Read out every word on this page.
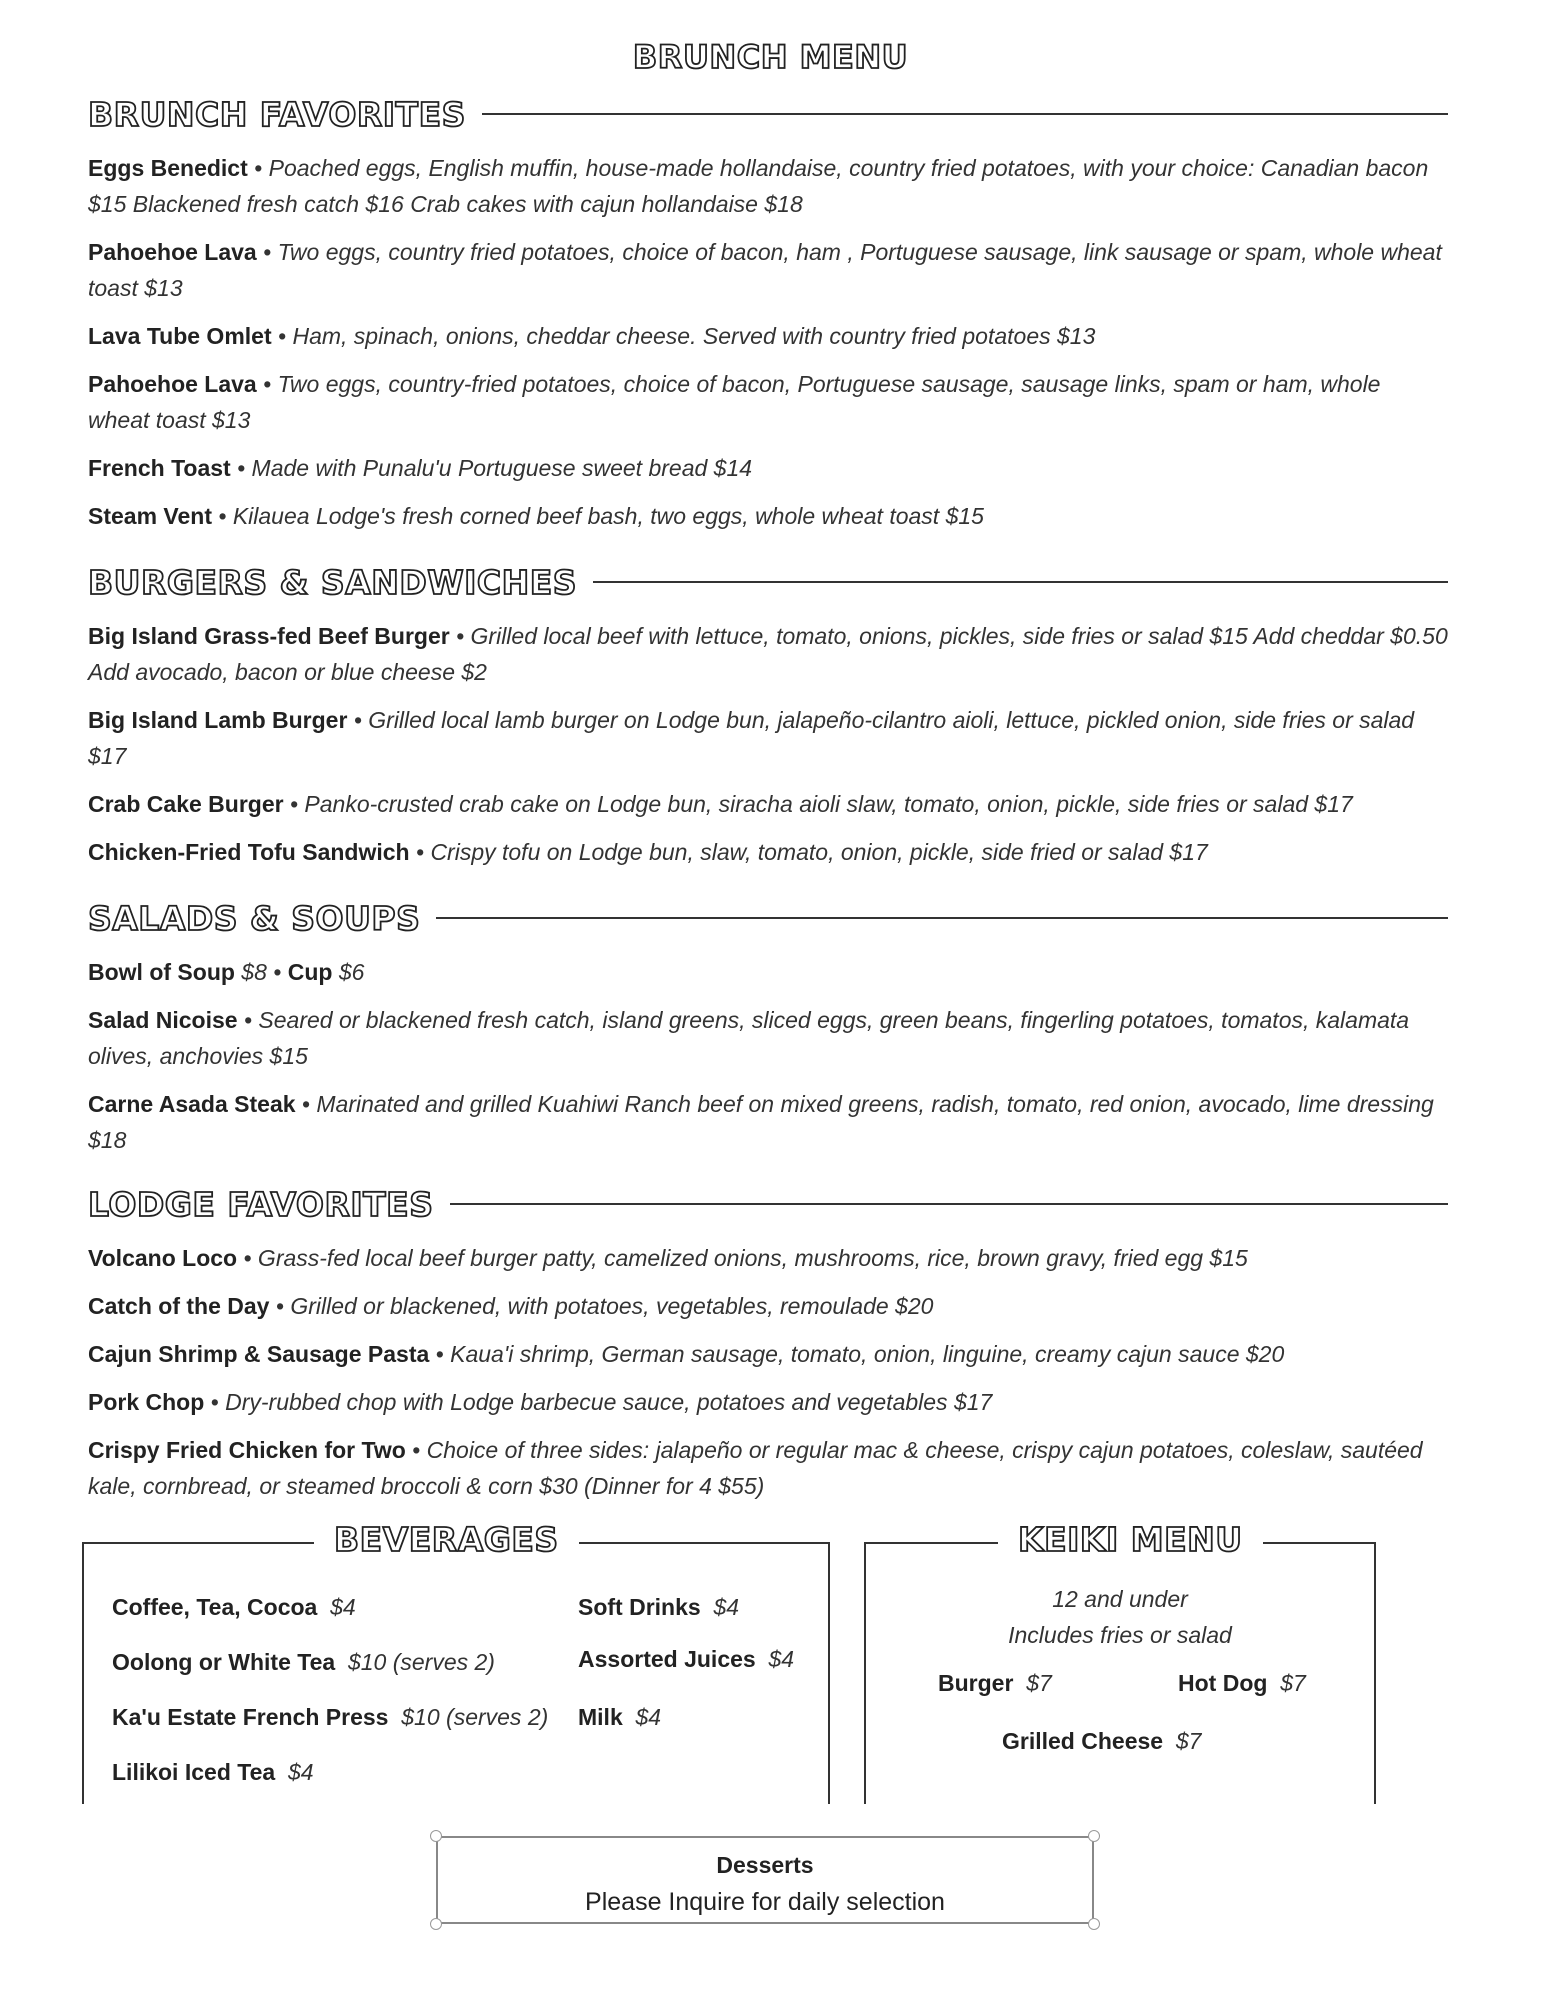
BRUNCH MENU
BRUNCH FAVORITES
Eggs Benedict • Poached eggs, English muffin, house-made hollandaise, country fried potatoes, with your choice: Canadian bacon $15 Blackened fresh catch $16 Crab cakes with cajun hollandaise $18
Pahoehoe Lava • Two eggs, country fried potatoes, choice of bacon, ham , Portuguese sausage, link sausage or spam, whole wheat toast $13
Lava Tube Omlet • Ham, spinach, onions, cheddar cheese. Served with country fried potatoes $13
Pahoehoe Lava • Two eggs, country-fried potatoes, choice of bacon, Portuguese sausage, sausage links, spam or ham, whole wheat toast $13
French Toast • Made with Punalu'u Portuguese sweet bread $14
Steam Vent • Kilauea Lodge's fresh corned beef bash, two eggs, whole wheat toast $15
BURGERS & SANDWICHES
Big Island Grass-fed Beef Burger • Grilled local beef with lettuce, tomato, onions, pickles, side fries or salad $15 Add cheddar $0.50 Add avocado, bacon or blue cheese $2
Big Island Lamb Burger • Grilled local lamb burger on Lodge bun, jalapeño-cilantro aioli, lettuce, pickled onion, side fries or salad $17
Crab Cake Burger • Panko-crusted crab cake on Lodge bun, siracha aioli slaw, tomato, onion, pickle, side fries or salad $17
Chicken-Fried Tofu Sandwich • Crispy tofu on Lodge bun, slaw, tomato, onion, pickle, side fried or salad $17
SALADS & SOUPS
Bowl of Soup $8 • Cup $6
Salad Nicoise • Seared or blackened fresh catch, island greens, sliced eggs, green beans, fingerling potatoes, tomatos, kalamata olives, anchovies $15
Carne Asada Steak • Marinated and grilled Kuahiwi Ranch beef on mixed greens, radish, tomato, red onion, avocado, lime dressing $18
LODGE FAVORITES
Volcano Loco • Grass-fed local beef burger patty, camelized onions, mushrooms, rice, brown gravy, fried egg $15
Catch of the Day • Grilled or blackened, with potatoes, vegetables, remoulade $20
Cajun Shrimp & Sausage Pasta • Kaua'i shrimp, German sausage, tomato, onion, linguine, creamy cajun sauce $20
Pork Chop • Dry-rubbed chop with Lodge barbecue sauce, potatoes and vegetables $17
Crispy Fried Chicken for Two • Choice of three sides: jalapeño or regular mac & cheese, crispy cajun potatoes, coleslaw, sautéed kale, cornbread, or steamed broccoli & corn $30 (Dinner for 4 $55)
BEVERAGES
Coffee, Tea, Cocoa $4
Oolong or White Tea $10 (serves 2)
Ka'u Estate French Press $10 (serves 2)
Lilikoi Iced Tea $4
Soft Drinks $4
Assorted Juices $4
Milk $4
KEIKI MENU
12 and under
Includes fries or salad
Burger $7	Hot Dog $7
Grilled Cheese $7
Desserts
Please Inquire for daily selection
